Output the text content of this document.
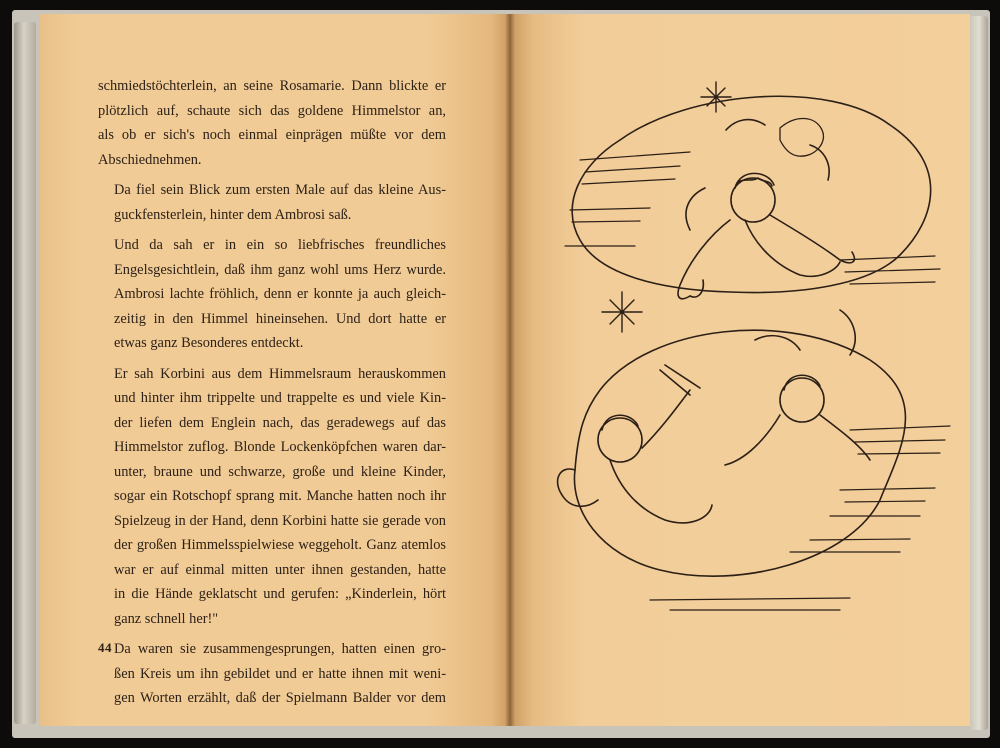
schmiedstöchterlein, an seine Rosamarie. Dann blickte er
plötzlich auf, schaute sich das goldene Himmelstor an,
als ob er sich's noch einmal einprägen müßte vor dem
Abschiednehmen.

Da fiel sein Blick zum ersten Male auf das kleine Aus-
guckfensterlein, hinter dem Ambrosi saß.

Und da sah er in ein so liebfrisches freundliches
Engelsgesichtlein, daß ihm ganz wohl ums Herz wurde.
Ambrosi lachte fröhlich, denn er konnte ja auch gleich-
zeitig in den Himmel hineinsehen. Und dort hatte er
etwas ganz Besonderes entdeckt.

Er sah Korbini aus dem Himmelsraum herauskommen
und hinter ihm trippelte und trappelte es und viele Kin-
der liefen dem Englein nach, das geradewegs auf das
Himmelstor zuflog. Blonde Lockenköpfchen waren dar-
unter, braune und schwarze, große und kleine Kinder,
sogar ein Rotschopf sprang mit. Manche hatten noch ihr
Spielzeug in der Hand, denn Korbini hatte sie gerade von
der großen Himmelsspielwiese weggeholt. Ganz atemlos
war er auf einmal mitten unter ihnen gestanden, hatte
in die Hände geklatscht und gerufen: „Kinderlein, hört
ganz schnell her!"

Da waren sie zusammengesprungen, hatten einen gro-
ßen Kreis um ihn gebildet und er hatte ihnen mit weni-
gen Worten erzählt, daß der Spielmann Balder vor dem

44
